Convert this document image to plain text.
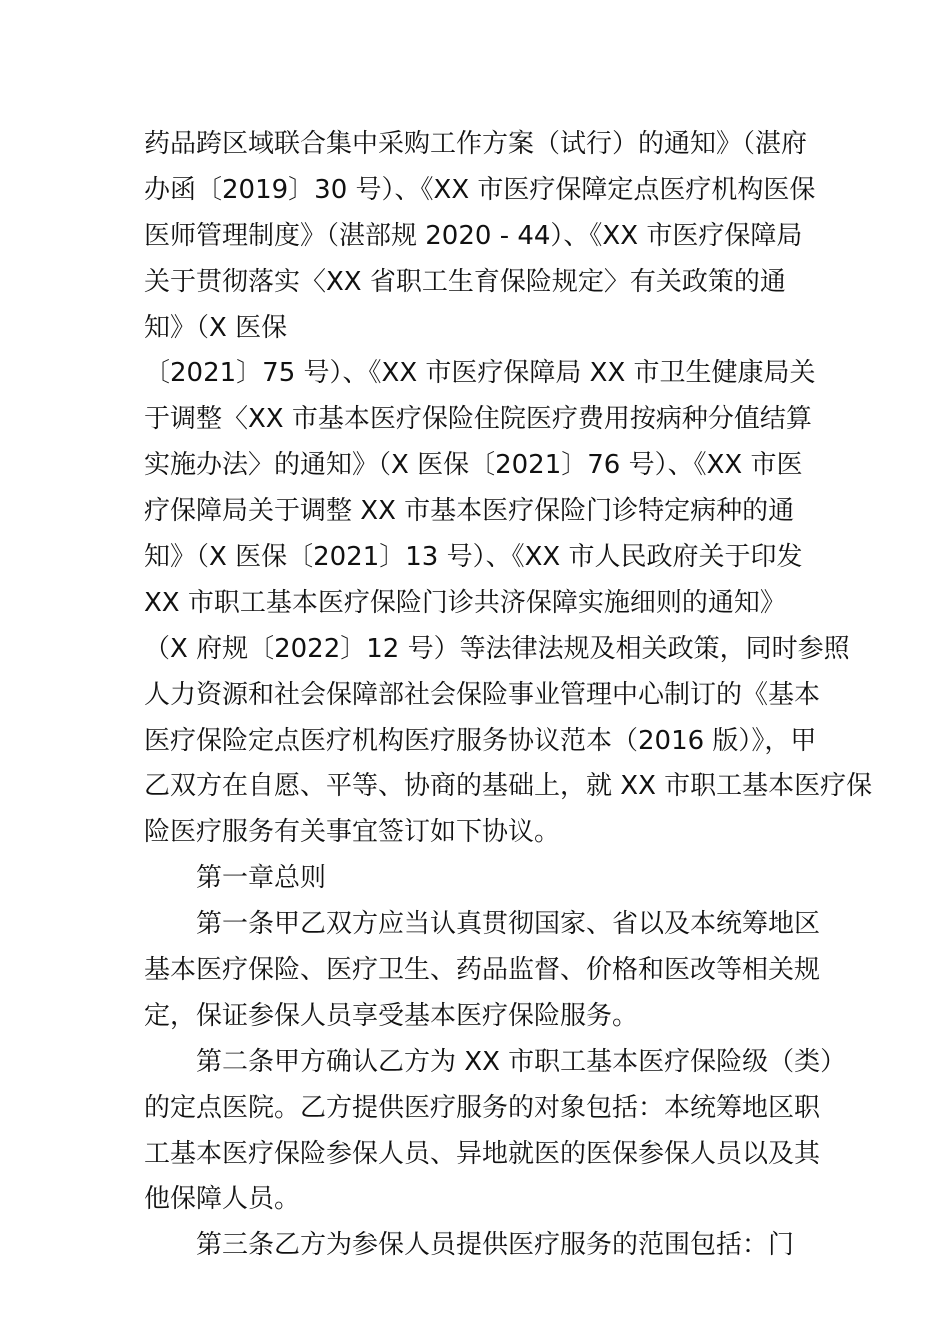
药品跨区域联合集中采购工作方案（试行）的通知》（湛府
办函〔2019〕30 号）、《XX 市医疗保障定点医疗机构医保
医师管理制度》（湛部规 2020 - 44）、《XX 市医疗保障局
关于贯彻落实〈XX 省职工生育保险规定〉有关政策的通
知》（X 医保
〔2021〕75 号）、《XX 市医疗保障局 XX 市卫生健康局关
于调整〈XX 市基本医疗保险住院医疗费用按病种分值结算
实施办法〉的通知》（X 医保〔2021〕76 号）、《XX 市医
疗保障局关于调整 XX 市基本医疗保险门诊特定病种的通
知》（X 医保〔2021〕13 号）、《XX 市人民政府关于印发
XX 市职工基本医疗保险门诊共济保障实施细则的通知》
（X 府规〔2022〕12 号）等法律法规及相关政策，同时参照
人力资源和社会保障部社会保险事业管理中心制订的《基本
医疗保险定点医疗机构医疗服务协议范本（2016 版）》，甲
乙双方在自愿、平等、协商的基础上，就 XX 市职工基本医疗保
险医疗服务有关事宜签订如下协议。
第一章总则
第一条甲乙双方应当认真贯彻国家、省以及本统筹地区
基本医疗保险、医疗卫生、药品监督、价格和医改等相关规
定，保证参保人员享受基本医疗保险服务。
第二条甲方确认乙方为 XX 市职工基本医疗保险级（类）
的定点医院。乙方提供医疗服务的对象包括：本统筹地区职
工基本医疗保险参保人员、异地就医的医保参保人员以及其
他保障人员。
第三条乙方为参保人员提供医疗服务的范围包括：门
